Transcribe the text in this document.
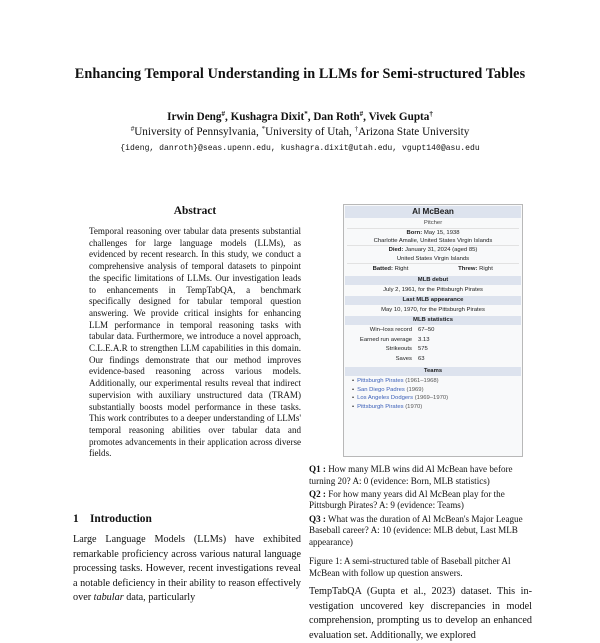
Enhancing Temporal Understanding in LLMs for Semi-structured Tables
Irwin Deng#, Kushagra Dixit*, Dan Roth#, Vivek Gupta†
#University of Pennsylvania, *University of Utah, †Arizona State University
{ideng, danroth}@seas.upenn.edu, kushagra.dixit@utah.edu, vgupt140@asu.edu
Abstract
Temporal reasoning over tabular data presents substantial challenges for large language models (LLMs), as evidenced by recent research. In this study, we conduct a comprehensive analysis of temporal datasets to pinpoint the specific limitations of LLMs. Our investigation leads to enhancements in TempTabQA, a benchmark specifically designed for tabular temporal question answering. We provide critical insights for enhancing LLM performance in temporal reasoning tasks with tabular data. Furthermore, we introduce a novel approach, C.L.E.A.R to strengthen LLM capabilities in this domain. Our findings demonstrate that our method improves evidence-based reasoning across various models. Additionally, our experimental results reveal that indirect supervision with auxiliary unstructured data (TRAM) substantially boosts model performance in these tasks. This work contributes to a deeper understanding of LLMs' temporal reasoning abilities over tabular data and promotes advancements in their application across diverse fields.
1 Introduction
Large Language Models (LLMs) have exhibited remarkable proficiency across various natural language processing tasks. However, recent investigations reveal a notable deficiency in their ability to reason effectively over tabular data, particularly
Al McBean
Pitcher
Born: May 15, 1938
Charlotte Amalie, United States Virgin Islands
Died: January 31, 2024 (aged 85)
United States Virgin Islands
Batted: Right	Threw: Right
MLB debut
July 2, 1961, for the Pittsburgh Pirates
Last MLB appearance
May 10, 1970, for the Pittsburgh Pirates
MLB statistics
Win–loss record	67–50
Earned run average	3.13
Strikeouts	575
Saves	63
Teams
• Pittsburgh Pirates (1961–1968)
• San Diego Padres (1969)
• Los Angeles Dodgers (1969–1970)
• Pittsburgh Pirates (1970)

Q1 : How many MLB wins did Al McBean have before turning 20? A: 0 (evidence: Born, MLB statistics)

Q2 : For how many years did Al McBean play for the Pittsburgh Pirates? A: 9 (evidence: Teams)

Q3 : What was the duration of Al McBean's Major League Baseball career? A: 10 (evidence: MLB debut, Last MLB appearance)

Figure 1: A semi-structured table of Baseball pitcher Al McBean with follow up question answers.
TempTabQA (Gupta et al., 2023) dataset. This investigation uncovered key discrepancies in model comprehension, prompting us to develop an enhanced evaluation set. Additionally, we explored
